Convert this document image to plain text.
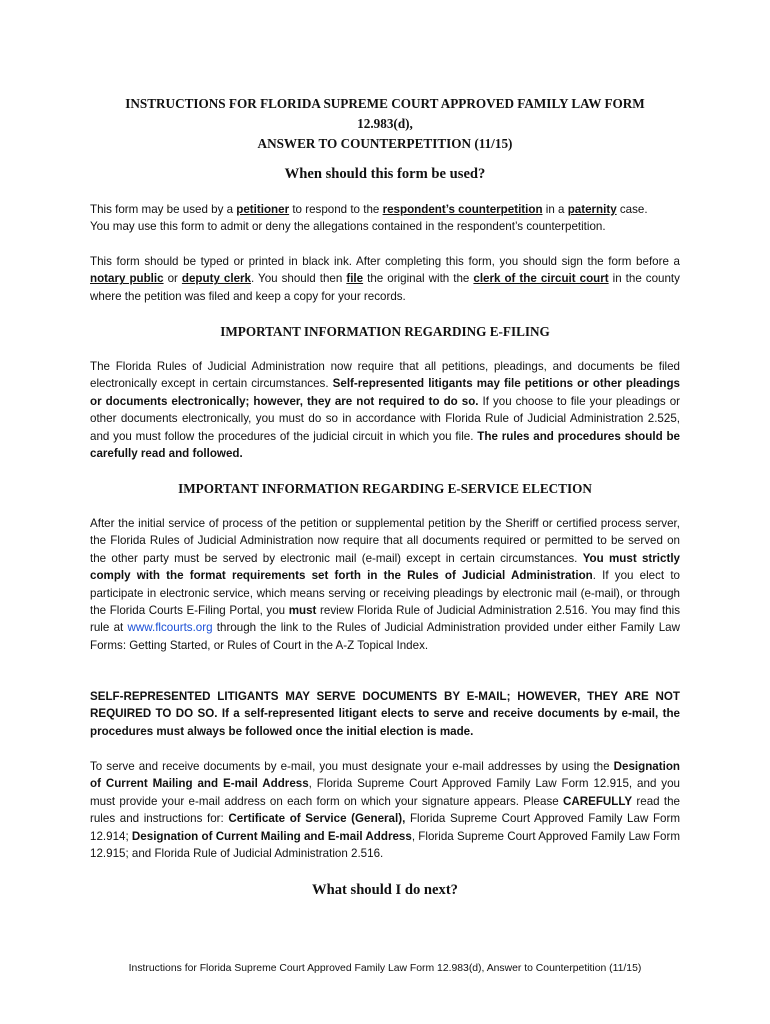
INSTRUCTIONS FOR FLORIDA SUPREME COURT APPROVED FAMILY LAW FORM
12.983(d),
ANSWER TO COUNTERPETITION (11/15)
When should this form be used?
This form may be used by a petitioner to respond to the respondent’s counterpetition in a paternity case.
You may use this form to admit or deny the allegations contained in the respondent’s counterpetition.
This form should be typed or printed in black ink. After completing this form, you should sign the form before a notary public or deputy clerk. You should then file the original with the clerk of the circuit court in the county where the petition was filed and keep a copy for your records.
IMPORTANT INFORMATION REGARDING E-FILING
The Florida Rules of Judicial Administration now require that all petitions, pleadings, and documents be filed electronically except in certain circumstances. Self-represented litigants may file petitions or other pleadings or documents electronically; however, they are not required to do so. If you choose to file your pleadings or other documents electronically, you must do so in accordance with Florida Rule of Judicial Administration 2.525, and you must follow the procedures of the judicial circuit in which you file. The rules and procedures should be carefully read and followed.
IMPORTANT INFORMATION REGARDING E-SERVICE ELECTION
After the initial service of process of the petition or supplemental petition by the Sheriff or certified process server, the Florida Rules of Judicial Administration now require that all documents required or permitted to be served on the other party must be served by electronic mail (e-mail) except in certain circumstances. You must strictly comply with the format requirements set forth in the Rules of Judicial Administration. If you elect to participate in electronic service, which means serving or receiving pleadings by electronic mail (e-mail), or through the Florida Courts E-Filing Portal, you must review Florida Rule of Judicial Administration 2.516. You may find this rule at www.flcourts.org through the link to the Rules of Judicial Administration provided under either Family Law Forms: Getting Started, or Rules of Court in the A-Z Topical Index.
SELF-REPRESENTED LITIGANTS MAY SERVE DOCUMENTS BY E-MAIL; HOWEVER, THEY ARE NOT REQUIRED TO DO SO. If a self-represented litigant elects to serve and receive documents by e-mail, the procedures must always be followed once the initial election is made.
To serve and receive documents by e-mail, you must designate your e-mail addresses by using the Designation of Current Mailing and E-mail Address, Florida Supreme Court Approved Family Law Form 12.915, and you must provide your e-mail address on each form on which your signature appears. Please CAREFULLY read the rules and instructions for: Certificate of Service (General), Florida Supreme Court Approved Family Law Form 12.914; Designation of Current Mailing and E-mail Address, Florida Supreme Court Approved Family Law Form 12.915; and Florida Rule of Judicial Administration 2.516.
What should I do next?
Instructions for Florida Supreme Court Approved Family Law Form 12.983(d), Answer to Counterpetition (11/15)
